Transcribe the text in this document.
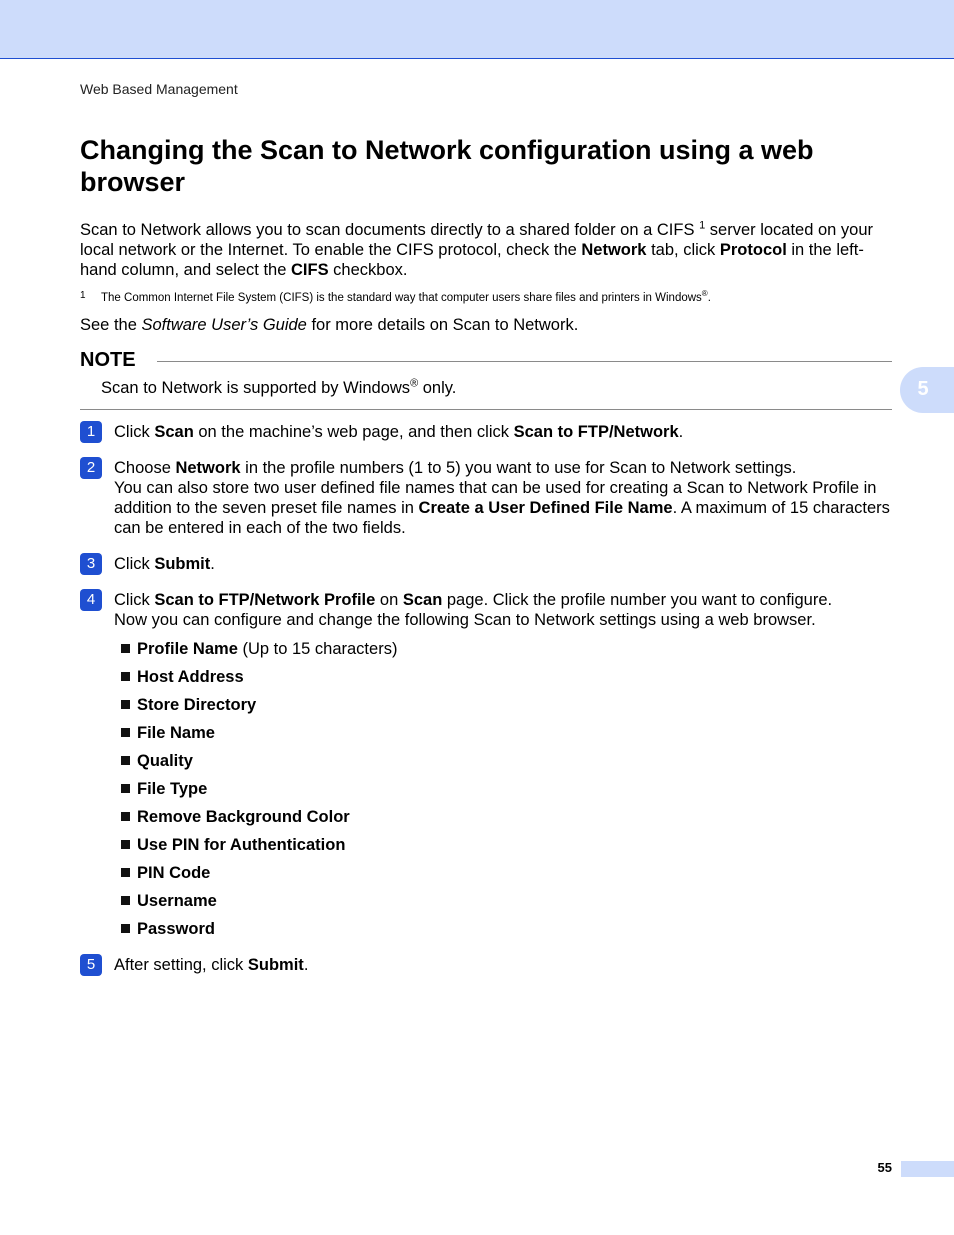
Web Based Management
Changing the Scan to Network configuration using a web browser

Scan to Network allows you to scan documents directly to a shared folder on a CIFS $^1$ server located on your local network or the Internet. To enable the CIFS protocol, check the Network tab, click Protocol in the left-hand column, and select the CIFS checkbox.

1 The Common Internet File System (CIFS) is the standard way that computer users share files and printers in Windows®.

See the Software User’s Guide for more details on Scan to Network.

NOTE
Scan to Network is supported by Windows® only.	5
1	Click Scan on the machine’s web page, and then click Scan to FTP/Network.
2	Choose Network in the profile numbers (1 to 5) you want to use for Scan to Network settings.
You can also store two user defined file names that can be used for creating a Scan to Network Profile in addition to the seven preset file names in Create a User Defined File Name. A maximum of 15 characters can be entered in each of the two fields.
3	Click Submit.
4	Click Scan to FTP/Network Profile on Scan page. Click the profile number you want to configure.
Now you can configure and change the following Scan to Network settings using a web browser.
Profile Name (Up to 15 characters)
Host Address
Store Directory
File Name
Quality
File Type
Remove Background Color
Use PIN for Authentication
PIN Code
Username
Password
5	After setting, click Submit.
55
